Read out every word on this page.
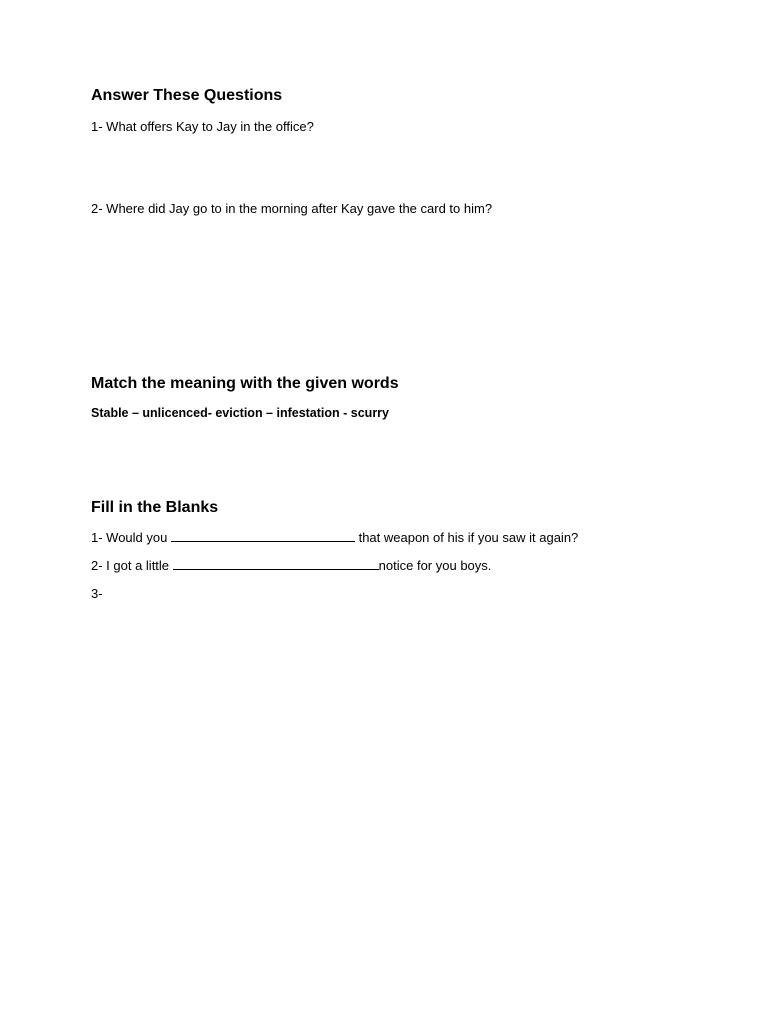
Answer These Questions
1- What offers Kay to Jay in the office?
2- Where did Jay go to in the morning after Kay gave the card to him?
Match the meaning with the given words
Stable – unlicenced- eviction – infestation - scurry
Fill in the Blanks
1- Would you	that weapon of his if you saw it again?
2- I got a little	notice for you boys.
3-
